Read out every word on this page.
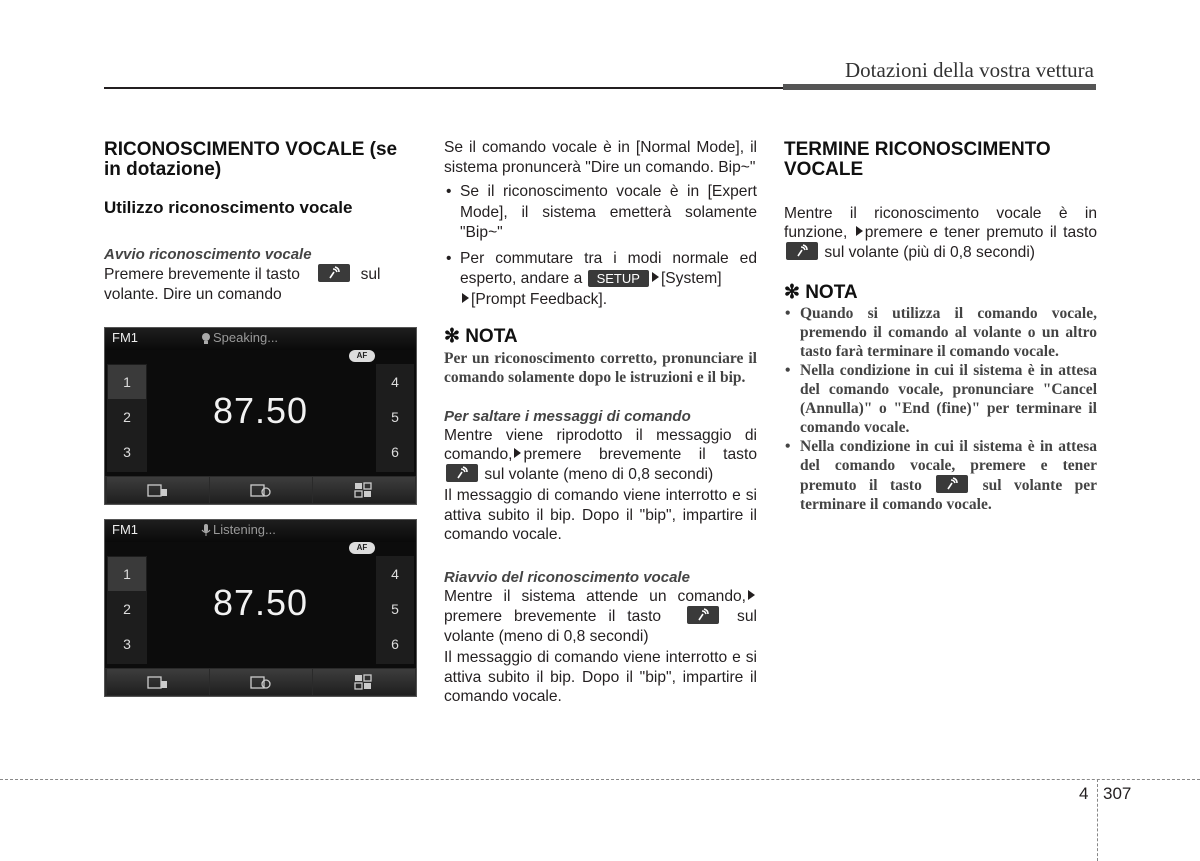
Dotazioni della vostra vettura
RICONOSCIMENTO VOCALE (se in dotazione)
Utilizzo riconoscimento vocale
Avvio riconoscimento vocale

Premere brevemente il tasto	sul volante. Dire un comando

FM1	Speaking...
AF
1
2
3
4
5
6
87.50
FM1	Listening...
AF
1
2
3
4
5
6
87.50

Se il comando vocale è in [Normal Mode], il sistema pronuncerà "Dire un comando. Bip~"

• Se il riconoscimento vocale è in [Expert Mode], il sistema emetterà solamente "Bip~"
• Per commutare tra i modi normale ed esperto, andare a SETUP [System]
[Prompt Feedback].
✻ NOTA

Per un riconoscimento corretto, pronunciare il comando solamente dopo le istruzioni e il bip.

Per saltare i messaggi di comando

Mentre viene riprodotto il messaggio di comando, premere brevemente il tasto
sul volante (meno di 0,8 secondi)

Il messaggio di comando viene interrotto e si attiva subito il bip. Dopo il "bip", impartire il comando vocale.

Riavvio del riconoscimento vocale

Mentre il sistema attende un comando, premere brevemente il tasto	sul volante (meno di 0,8 secondi)

Il messaggio di comando viene interrotto e si attiva subito il bip. Dopo il "bip", impartire il comando vocale.

TERMINE RICONOSCIMENTO VOCALE

Mentre il riconoscimento vocale è in funzione, premere e tener premuto il tasto
sul volante (più di 0,8 secondi)

✻ NOTA
• Quando si utilizza il comando vocale, premendo il comando al volante o un altro tasto farà terminare il comando vocale.
• Nella condizione in cui il sistema è in attesa del comando vocale, pronunciare "Cancel (Annulla)" o "End (fine)" per terminare il comando vocale.
• Nella condizione in cui il sistema è in attesa del comando vocale, premere e tener premuto il tasto	sul volante per terminare il comando vocale.
4 307
